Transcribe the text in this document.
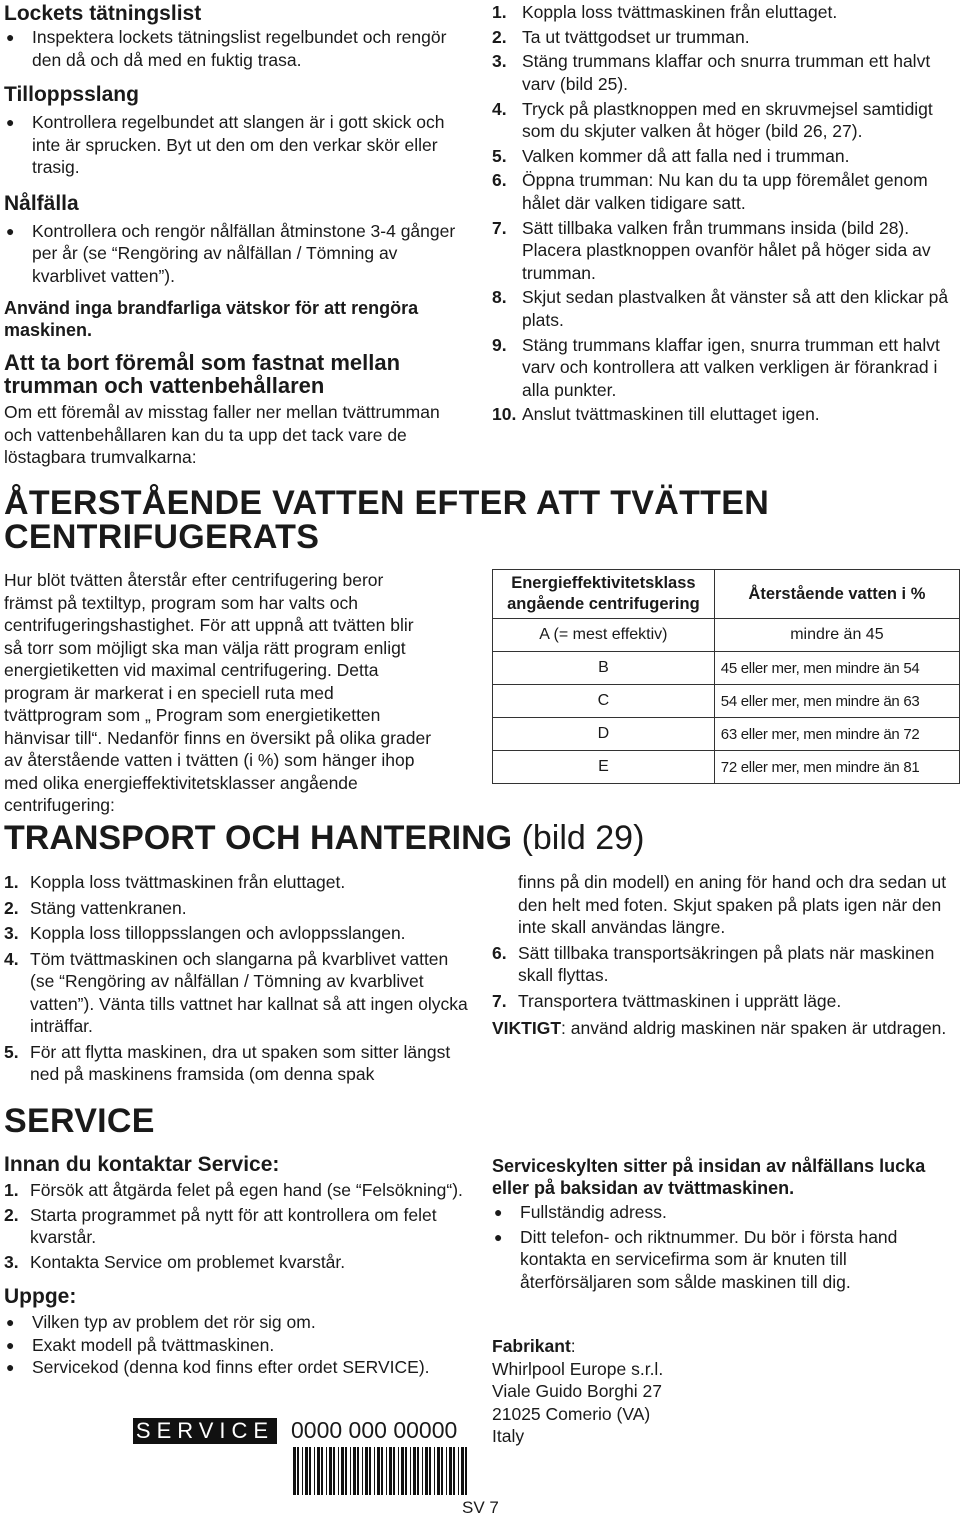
Lockets tätningslist
● Inspektera lockets tätningslist regelbundet och rengör den då och då med en fuktig trasa.
Tilloppsslang
● Kontrollera regelbundet att slangen är i gott skick och inte är sprucken. Byt ut den om den verkar skör eller trasig.
Nålfälla
● Kontrollera och rengör nålfällan åtminstone 3-4 gånger per år (se “Rengöring av nålfällan / Tömning av kvarblivet vatten”).
Använd inga brandfarliga vätskor för att rengöra maskinen.
Att ta bort föremål som fastnat mellan trumman och vattenbehållaren
Om ett föremål av misstag faller ner mellan tvättrumman och vattenbehållaren kan du ta upp det tack vare de löstagbara trumvalkarna:
1. Koppla loss tvättmaskinen från eluttaget.
2. Ta ut tvättgodset ur trumman.
3. Stäng trummans klaffar och snurra trumman ett halvt varv (bild 25).
4. Tryck på plastknoppen med en skruvmejsel samtidigt som du skjuter valken åt höger (bild 26, 27).
5. Valken kommer då att falla ned i trumman.
6. Öppna trumman: Nu kan du ta upp föremålet genom hålet där valken tidigare satt.
7. Sätt tillbaka valken från trummans insida (bild 28). Placera plastknoppen ovanför hålet på höger sida av trumman.
8. Skjut sedan plastvalken åt vänster så att den klickar på plats.
9. Stäng trummans klaffar igen, snurra trumman ett halvt varv och kontrollera att valken verkligen är förankrad i alla punkter.
10. Anslut tvättmaskinen till eluttaget igen.
ÅTERSTÅENDE VATTEN EFTER ATT TVÄTTEN
CENTRIFUGERATS
Hur blöt tvätten återstår efter centrifugering beror främst på textiltyp, program som har valts och centrifugeringshastighet. För att uppnå att tvätten blir så torr som möjligt ska man välja rätt program enligt energietiketten vid maximal centrifugering. Detta program är markerat i en speciell ruta med tvättprogram som „ Program som energietiketten hänvisar till“. Nedanför finns en översikt på olika grader av återstående vatten i tvätten (i %) som hänger ihop med olika energieffektivitetsklasser angående centrifugering:
Energieffektivitetsklass angående centrifugering	Återstående vatten i %
A (= mest effektiv)	mindre än 45
B	45 eller mer, men mindre än 54
C	54 eller mer, men mindre än 63
D	63 eller mer, men mindre än 72
E	72 eller mer, men mindre än 81
TRANSPORT OCH HANTERING (bild 29)
1. Koppla loss tvättmaskinen från eluttaget.
2. Stäng vattenkranen.
3. Koppla loss tilloppsslangen och avloppsslangen.
4. Töm tvättmaskinen och slangarna på kvarblivet vatten (se “Rengöring av nålfällan / Tömning av kvarblivet vatten”). Vänta tills vattnet har kallnat så att ingen olycka inträffar.
5. För att flytta maskinen, dra ut spaken som sitter längst ned på maskinens framsida (om denna spak
finns på din modell) en aning för hand och dra sedan ut den helt med foten. Skjut spaken på plats igen när den inte skall användas längre.
6. Sätt tillbaka transportsäkringen på plats när maskinen skall flyttas.
7. Transportera tvättmaskinen i upprätt läge.
VIKTIGT: använd aldrig maskinen när spaken är utdragen.
SERVICE
Innan du kontaktar Service:
1. Försök att åtgärda felet på egen hand (se “Felsökning“).
2. Starta programmet på nytt för att kontrollera om felet kvarstår.
3. Kontakta Service om problemet kvarstår.
Uppge:
● Vilken typ av problem det rör sig om.
● Exakt modell på tvättmaskinen.
● Servicekod (denna kod finns efter ordet SERVICE).
SERVICE 0000 000 00000
Serviceskylten sitter på insidan av nålfällans lucka eller på baksidan av tvättmaskinen.
● Fullständig adress.
● Ditt telefon- och riktnummer. Du bör i första hand kontakta en servicefirma som är knuten till återförsäljaren som sålde maskinen till dig.
Fabrikant:
Whirlpool Europe s.r.l.
Viale Guido Borghi 27
21025 Comerio (VA)
Italy
SV 7
